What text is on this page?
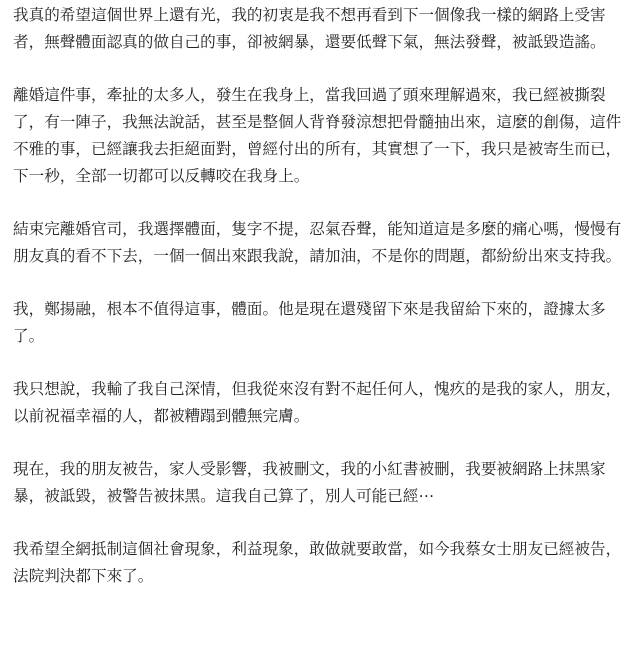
我真的希望這個世界上還有光，我的初衷是我不想再看到下一個像我一樣的網路上受害者，無聲體面認真的做自己的事，卻被網暴，還要低聲下氣，無法發聲，被詆毀造謠。

離婚這件事，牽扯的太多人，發生在我身上，當我回過了頭來理解過來，我已經被撕裂了，有一陣子，我無法說話，甚至是整個人背脊發涼想把骨髓抽出來，這麼的創傷，這件不雅的事，已經讓我去拒絕面對，曾經付出的所有，其實想了一下，我只是被寄生而已，下一秒，全部一切都可以反轉咬在我身上。

結束完離婚官司，我選擇體面，隻字不提，忍氣吞聲，能知道這是多麼的痛心嗎，慢慢有朋友真的看不下去，一個一個出來跟我說，請加油，不是你的問題，都紛紛出來支持我。

我，鄭揚融，根本不值得這事，體面。他是現在還殘留下來是我留給下來的，證據太多了。

我只想說，我輸了我自己深情，但我從來沒有對不起任何人，愧疚的是我的家人，朋友，以前祝福幸福的人，都被糟蹋到體無完膚。

現在，我的朋友被告，家人受影響，我被刪文，我的小紅書被刪，我要被網路上抹黑家暴，被詆毀，被警告被抹黑。這我自己算了，別人可能已經⋯

我希望全網抵制這個社會現象，利益現象，敢做就要敢當，如今我蔡女士朋友已經被告，法院判決都下來了。
